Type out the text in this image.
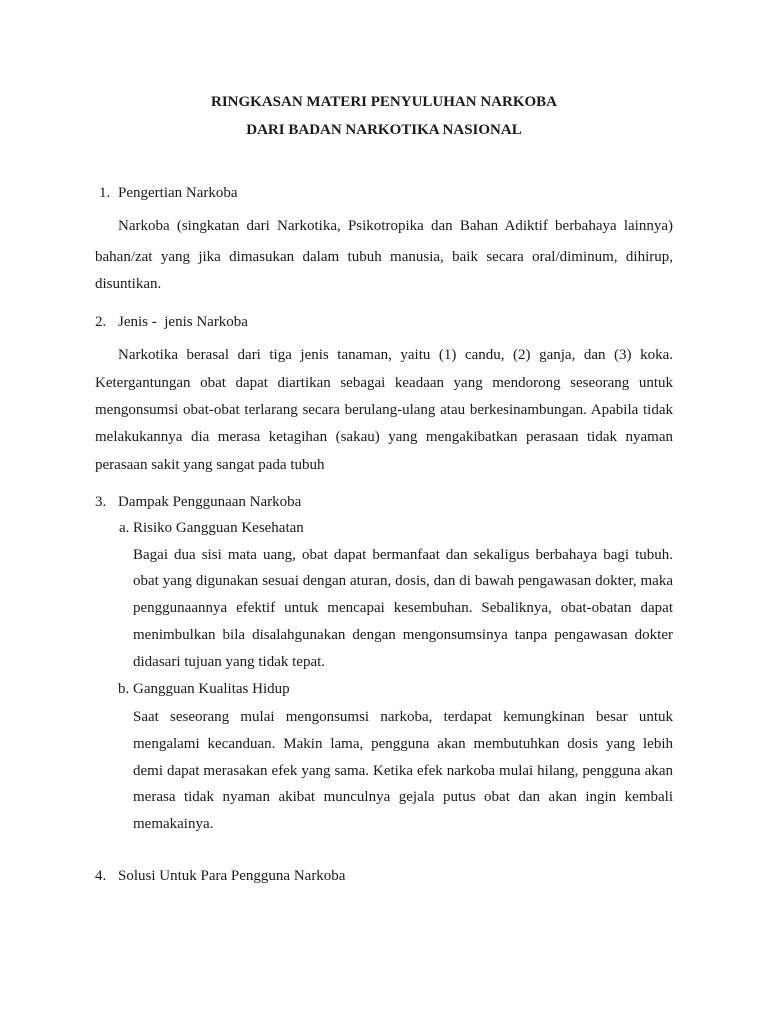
RINGKASAN MATERI PENYULUHAN NARKOBA
DARI BADAN NARKOTIKA NASIONAL
1. Pengertian Narkoba
Narkoba (singkatan dari Narkotika, Psikotropika dan Bahan Adiktif berbahaya lainnya)
bahan/zat yang jika dimasukan dalam tubuh manusia, baik secara oral/diminum, dihirup,
disuntikan.
2. Jenis -  jenis Narkoba
Narkotika berasal dari tiga jenis tanaman, yaitu (1) candu, (2) ganja, dan (3) koka.
Ketergantungan obat dapat diartikan sebagai keadaan yang mendorong seseorang untuk
mengonsumsi obat-obat terlarang secara berulang-ulang atau berkesinambungan. Apabila tidak
melakukannya dia merasa ketagihan (sakau) yang mengakibatkan perasaan tidak nyaman
perasaan sakit yang sangat pada tubuh
3. Dampak Penggunaan Narkoba
a. Risiko Gangguan Kesehatan
Bagai dua sisi mata uang, obat dapat bermanfaat dan sekaligus berbahaya bagi tubuh.
obat yang digunakan sesuai dengan aturan, dosis, dan di bawah pengawasan dokter, maka
penggunaannya efektif untuk mencapai kesembuhan. Sebaliknya, obat-obatan dapat
menimbulkan bila disalahgunakan dengan mengonsumsinya tanpa pengawasan dokter
didasari tujuan yang tidak tepat.
b. Gangguan Kualitas Hidup
Saat seseorang mulai mengonsumsi narkoba, terdapat kemungkinan besar untuk
mengalami kecanduan. Makin lama, pengguna akan membutuhkan dosis yang lebih
demi dapat merasakan efek yang sama. Ketika efek narkoba mulai hilang, pengguna akan
merasa tidak nyaman akibat munculnya gejala putus obat dan akan ingin kembali
memakainya.
4. Solusi Untuk Para Pengguna Narkoba
